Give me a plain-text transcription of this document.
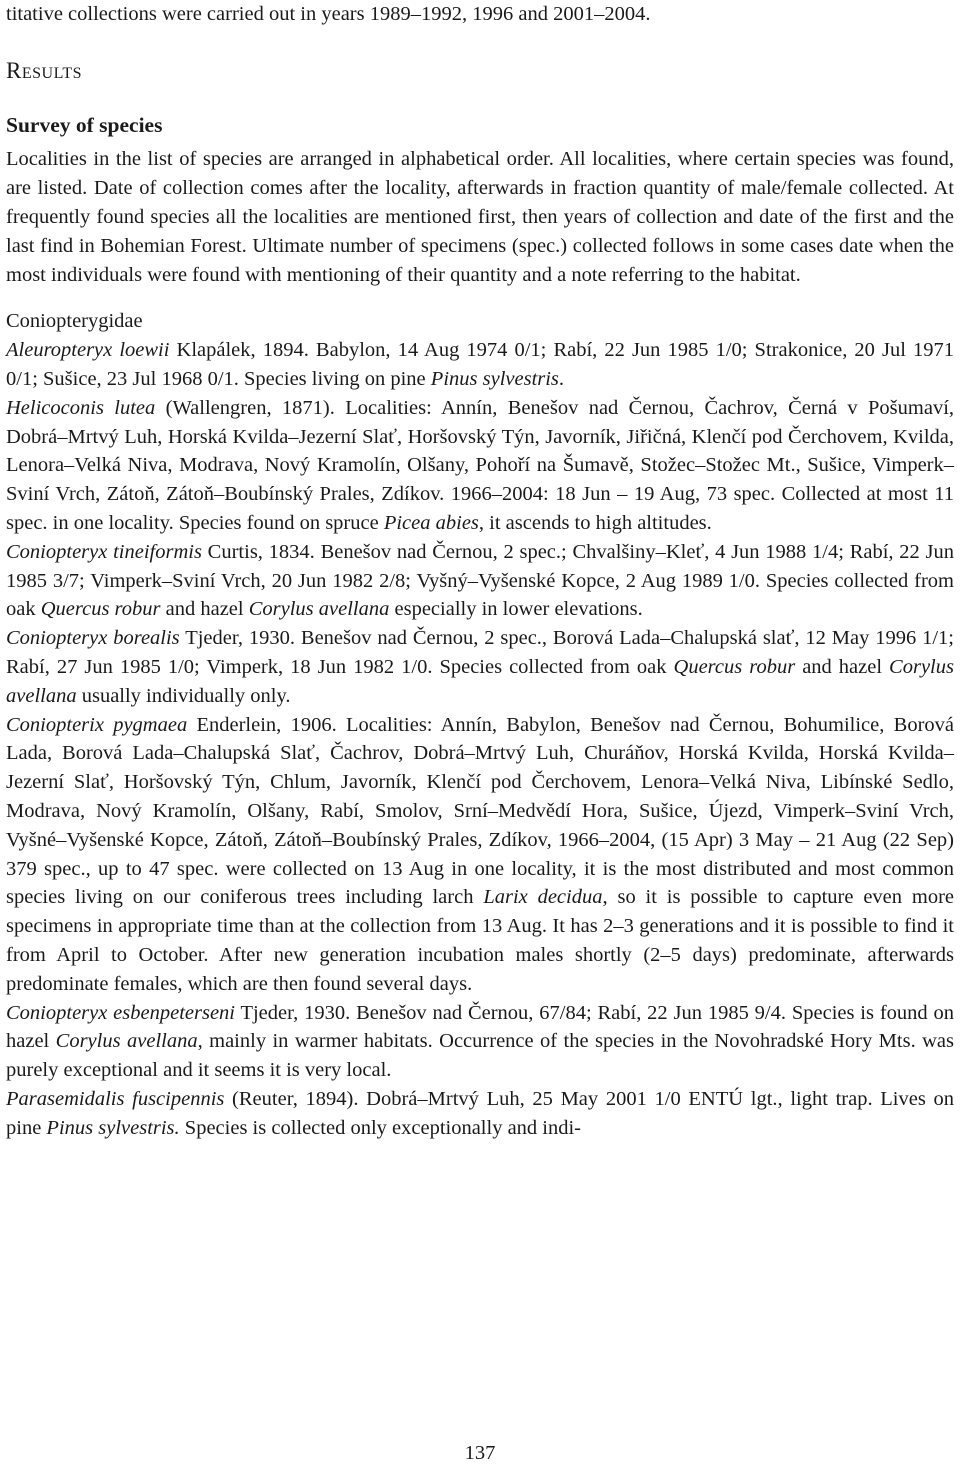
titative collections were carried out in years 1989–1992, 1996 and 2001–2004.

Results
Survey of species

Localities in the list of species are arranged in alphabetical order. All localities, where certain species was found, are listed. Date of collection comes after the locality, afterwards in fraction quantity of male/female collected. At frequently found species all the localities are mentioned first, then years of collection and date of the first and the last find in Bohemian Forest. Ultimate number of specimens (spec.) collected follows in some cases date when the most individuals were found with mentioning of their quantity and a note referring to the habitat.

Coniopterygidae

Aleuropteryx loewii Klapálek, 1894. Babylon, 14 Aug 1974 0/1; Rabí, 22 Jun 1985 1/0; Strakonice, 20 Jul 1971 0/1; Sušice, 23 Jul 1968 0/1. Species living on pine Pinus sylvestris.

Helicoconis lutea (Wallengren, 1871). Localities: Annín, Benešov nad Černou, Čachrov, Černá v Pošumaví, Dobrá–Mrtvý Luh, Horská Kvilda–Jezerní Slať, Horšovský Týn, Javorník, Jiřičná, Klenčí pod Čerchovem, Kvilda, Lenora–Velká Niva, Modrava, Nový Kramolín, Olšany, Pohoří na Šumavě, Stožec–Stožec Mt., Sušice, Vimperk–Sviní Vrch, Zátoň, Zátoň–Boubínský Prales, Zdíkov. 1966–2004: 18 Jun – 19 Aug, 73 spec. Collected at most 11 spec. in one locality. Species found on spruce Picea abies, it ascends to high altitudes.

Coniopteryx tineiformis Curtis, 1834. Benešov nad Černou, 2 spec.; Chvalšiny–Kleť, 4 Jun 1988 1/4; Rabí, 22 Jun 1985 3/7; Vimperk–Sviní Vrch, 20 Jun 1982 2/8; Vyšný–Vyšenské Kopce, 2 Aug 1989 1/0. Species collected from oak Quercus robur and hazel Corylus avellana especially in lower elevations.

Coniopteryx borealis Tjeder, 1930. Benešov nad Černou, 2 spec., Borová Lada–Chalupská slať, 12 May 1996 1/1; Rabí, 27 Jun 1985 1/0; Vimperk, 18 Jun 1982 1/0. Species collected from oak Quercus robur and hazel Corylus avellana usually individually only.

Coniopterix pygmaea Enderlein, 1906. Localities: Annín, Babylon, Benešov nad Černou, Bohumilice, Borová Lada, Borová Lada–Chalupská Slať, Čachrov, Dobrá–Mrtvý Luh, Churáňov, Horská Kvilda, Horská Kvilda–Jezerní Slať, Horšovský Týn, Chlum, Javorník, Klenčí pod Čerchovem, Lenora–Velká Niva, Libínské Sedlo, Modrava, Nový Kramolín, Olšany, Rabí, Smolov, Srní–Medvědí Hora, Sušice, Újezd, Vimperk–Sviní Vrch, Vyšné–Vyšenské Kopce, Zátoň, Zátoň–Boubínský Prales, Zdíkov, 1966–2004, (15 Apr) 3 May – 21 Aug (22 Sep) 379 spec., up to 47 spec. were collected on 13 Aug in one locality, it is the most distributed and most common species living on our coniferous trees including larch Larix decidua, so it is possible to capture even more specimens in appropriate time than at the collection from 13 Aug. It has 2–3 generations and it is possible to find it from April to October. After new generation incubation males shortly (2–5 days) predominate, afterwards predominate females, which are then found several days.

Coniopteryx esbenpeterseni Tjeder, 1930. Benešov nad Černou, 67/84; Rabí, 22 Jun 1985 9/4. Species is found on hazel Corylus avellana, mainly in warmer habitats. Occurrence of the species in the Novohradské Hory Mts. was purely exceptional and it seems it is very local.

Parasemidalis fuscipennis (Reuter, 1894). Dobrá–Mrtvý Luh, 25 May 2001 1/0 ENTÚ lgt., light trap. Lives on pine Pinus sylvestris. Species is collected only exceptionally and indi-

137
